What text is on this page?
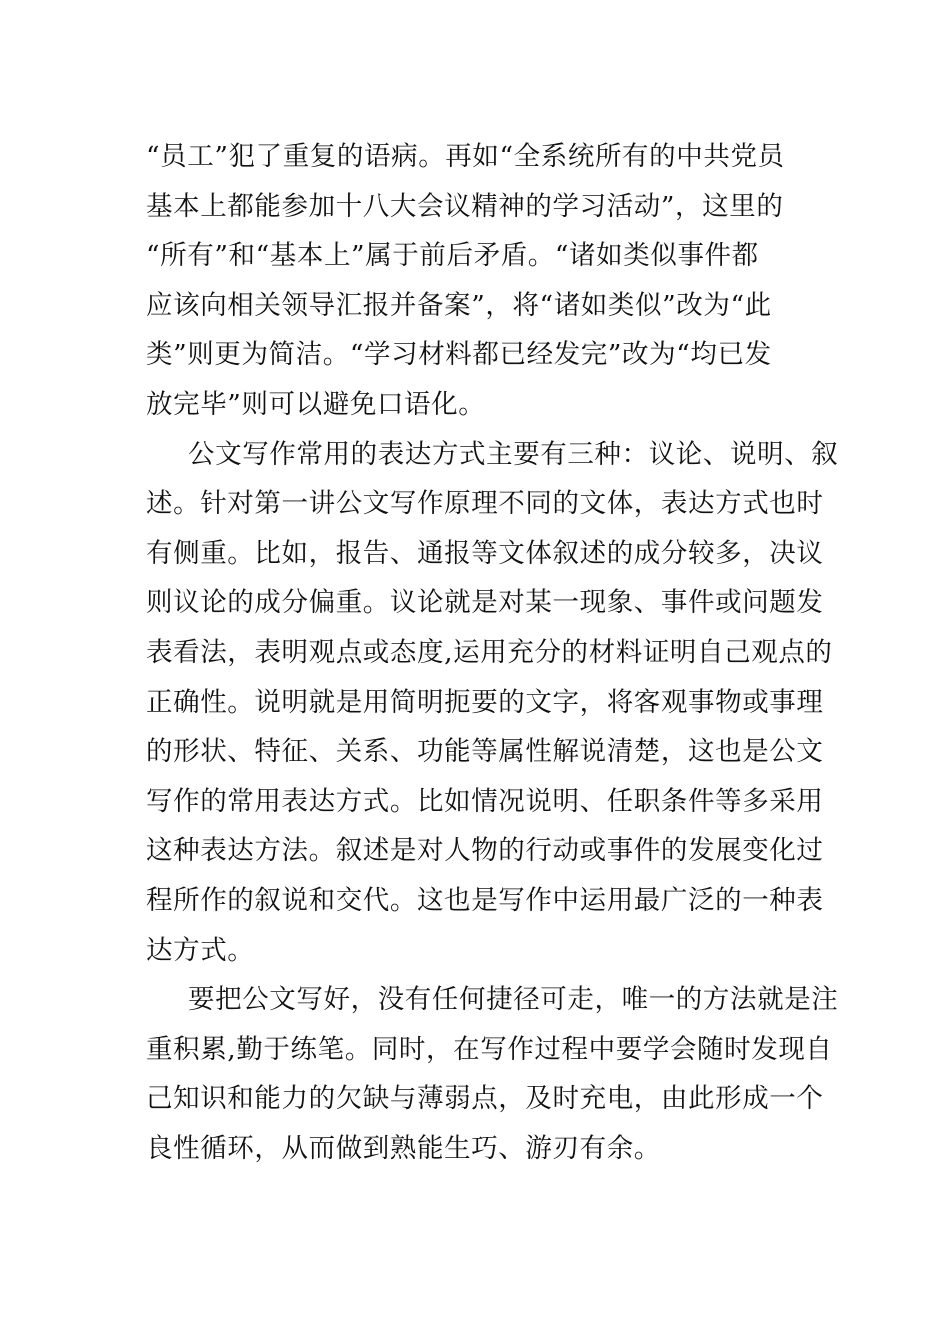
“员工”犯了重复的语病。再如“全系统所有的中共党员
基本上都能参加十八大会议精神的学习活动”，这里的
“所有”和“基本上”属于前后矛盾。“诸如类似事件都
应该向相关领导汇报并备案”，将“诸如类似”改为“此
类”则更为简洁。“学习材料都已经发完”改为“均已发
放完毕”则可以避免口语化。
公文写作常用的表达方式主要有三种：议论、说明、叙
述。针对第一讲公文写作原理不同的文体，表达方式也时
有侧重。比如，报告、通报等文体叙述的成分较多，决议
则议论的成分偏重。议论就是对某一现象、事件或问题发
表看法，表明观点或态度,运用充分的材料证明自己观点的
正确性。说明就是用简明扼要的文字，将客观事物或事理
的形状、特征、关系、功能等属性解说清楚，这也是公文
写作的常用表达方式。比如情况说明、任职条件等多采用
这种表达方法。叙述是对人物的行动或事件的发展变化过
程所作的叙说和交代。这也是写作中运用最广泛的一种表
达方式。
要把公文写好，没有任何捷径可走，唯一的方法就是注
重积累,勤于练笔。同时，在写作过程中要学会随时发现自
己知识和能力的欠缺与薄弱点，及时充电，由此形成一个
良性循环，从而做到熟能生巧、游刃有余。
